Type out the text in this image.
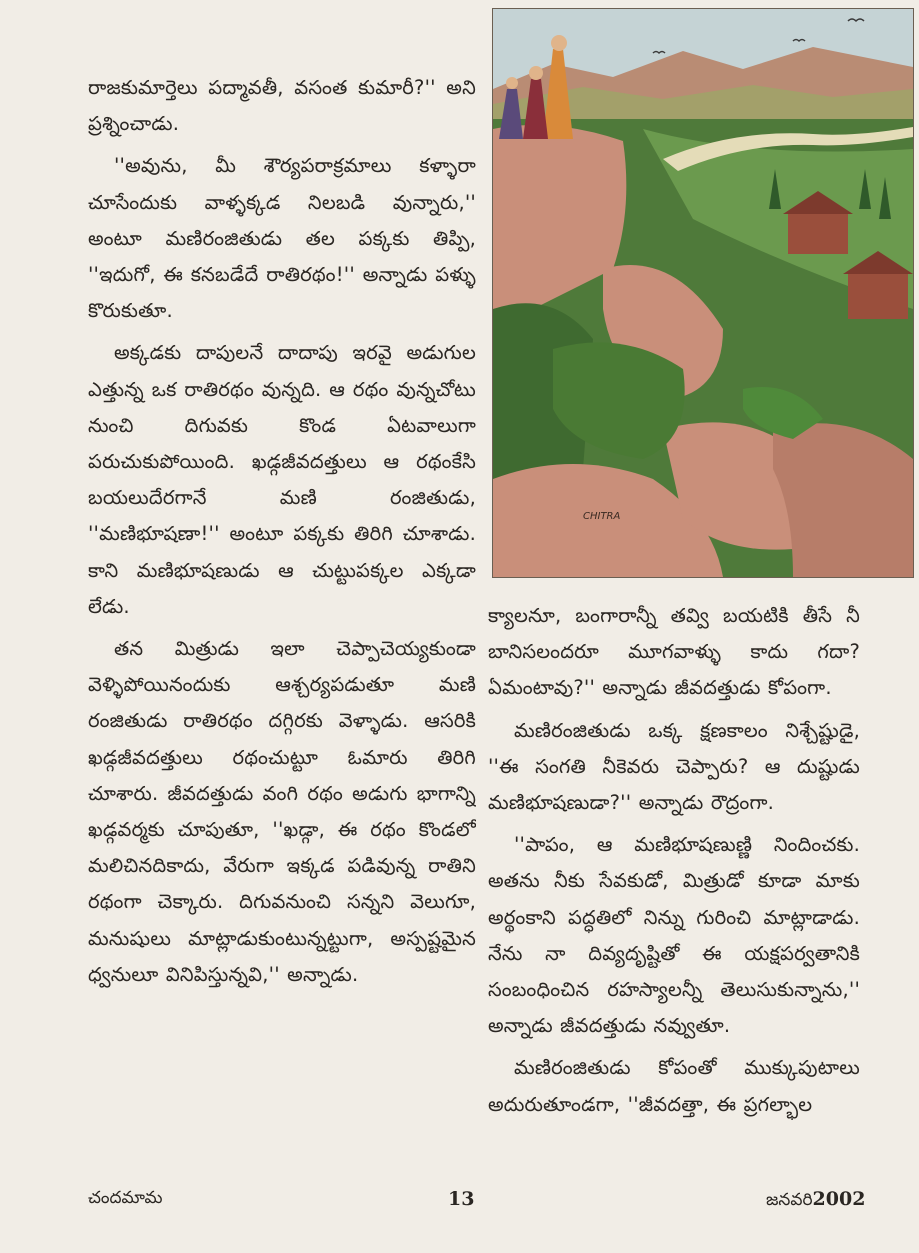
రాజకుమార్తెలు పద్మావతీ, వసంత కుమారీ?'' అని ప్రశ్నించాడు.

''అవును, మీ శౌర్యపరాక్రమాలు కళ్ళారా చూసేందుకు వాళ్ళక్కడ నిలబడి వున్నారు,'' అంటూ మణిరంజితుడు తల పక్కకు తిప్పి, ''ఇదుగో, ఈ కనబడేదే రాతిరథం!'' అన్నాడు పళ్ళు కొరుకుతూ.

అక్కడకు దాపులనే దాదాపు ఇరవై అడుగుల ఎత్తున్న ఒక రాతిరథం వున్నది. ఆ రథం వున్నచోటు నుంచి దిగువకు కొండ ఏటవాలుగా పరుచుకుపోయింది. ఖడ్గజీవదత్తులు ఆ రథంకేసి బయలుదేరగానే మణి రంజితుడు, ''మణిభూషణా!'' అంటూ పక్కకు తిరిగి చూశాడు. కాని మణిభూషణుడు ఆ చుట్టుపక్కల ఎక్కడా లేడు.

తన మిత్రుడు ఇలా చెప్పాచెయ్యకుండా వెళ్ళిపోయినందుకు ఆశ్చర్యపడుతూ మణి రంజితుడు రాతిరథం దగ్గిరకు వెళ్ళాడు. ఆసరికి ఖడ్గజీవదత్తులు రథంచుట్టూ ఓమారు తిరిగి చూశారు. జీవదత్తుడు వంగి రథం అడుగు భాగాన్ని ఖడ్గవర్మకు చూపుతూ, ''ఖడ్గా, ఈ రథం కొండలో మలిచినదికాదు, వేరుగా ఇక్కడ పడివున్న రాతిని రథంగా చెక్కారు. దిగువనుంచి సన్నని వెలుగూ, మనుషులు మాట్లాడుకుంటున్నట్టుగా, అస్పష్టమైన ధ్వనులూ వినిపిస్తున్నవి,'' అన్నాడు.

CHITRA

క్యాలనూ, బంగారాన్నీ తవ్వి బయటికి తీసే నీ బానిసలందరూ మూగవాళ్ళు కాదు గదా? ఏమంటావు?'' అన్నాడు జీవదత్తుడు కోపంగా.

మణిరంజితుడు ఒక్క క్షణకాలం నిశ్చేష్టుడై, ''ఈ సంగతి నీకెవరు చెప్పారు? ఆ దుష్టుడు మణిభూషణుడా?'' అన్నాడు రౌద్రంగా.

''పాపం, ఆ మణిభూషణుణ్ణి నిందించకు. అతను నీకు సేవకుడో, మిత్రుడో కూడా మాకు అర్థంకాని పద్ధతిలో నిన్ను గురించి మాట్లాడాడు. నేను నా దివ్యదృష్టితో ఈ యక్షపర్వతానికి సంబంధించిన రహస్యాలన్నీ తెలుసుకున్నాను,'' అన్నాడు జీవదత్తుడు నవ్వుతూ.

మణిరంజితుడు కోపంతో ముక్కుపుటాలు అదురుతూండగా, ''జీవదత్తా, ఈ ప్రగల్భాల

చందమామ	13	జనవరి2002
